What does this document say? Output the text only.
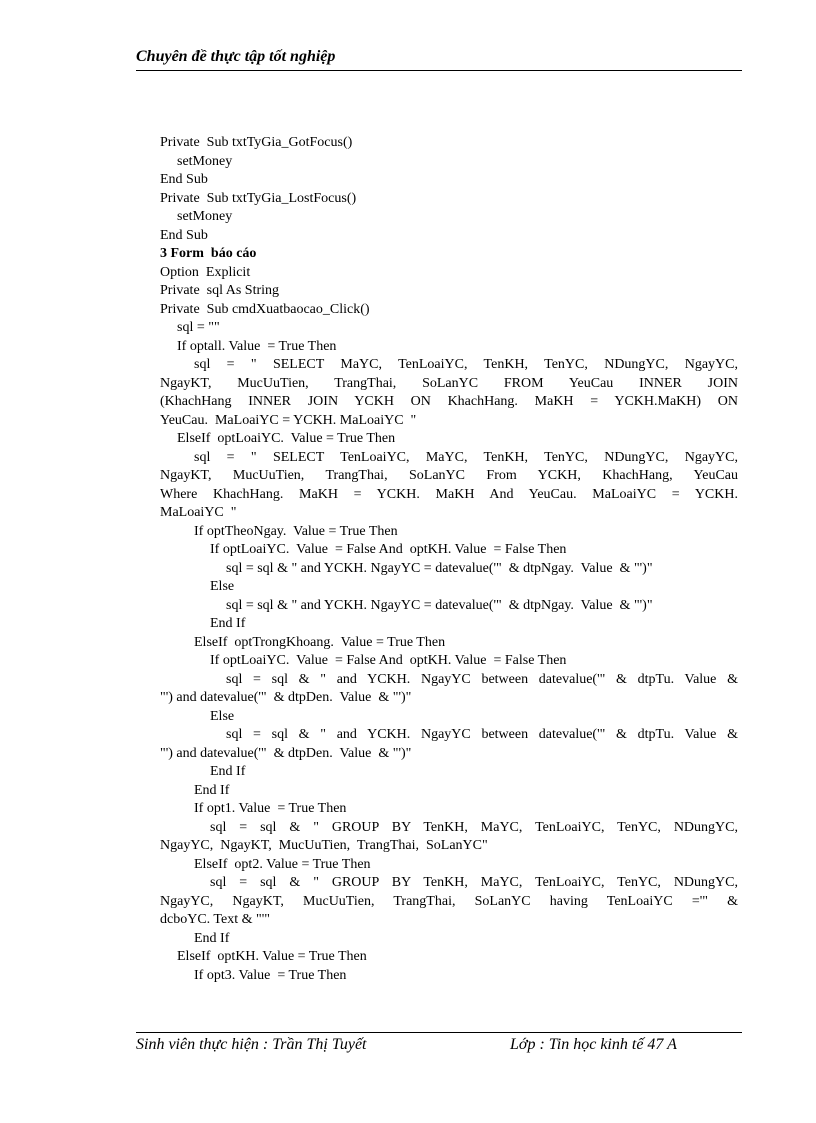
Chuyên đề thực tập tốt nghiệp
Private  Sub txtTyGia_GotFocus()
setMoney
End Sub
Private  Sub txtTyGia_LostFocus()
setMoney
End Sub
3 Form  báo cáo
Option  Explicit
Private  sql As String
Private  Sub cmdXuatbaocao_Click()
sql = ""
If optall. Value  = True Then
sql = " SELECT MaYC, TenLoaiYC, TenKH, TenYC, NDungYC, NgayYC,
NgayKT, MucUuTien, TrangThai, SoLanYC FROM YeuCau INNER JOIN
(KhachHang INNER JOIN YCKH ON KhachHang. MaKH = YCKH.MaKH) ON
YeuCau.  MaLoaiYC = YCKH. MaLoaiYC  "
ElseIf  optLoaiYC.  Value = True Then
sql = " SELECT TenLoaiYC, MaYC, TenKH, TenYC, NDungYC, NgayYC,
NgayKT, MucUuTien, TrangThai, SoLanYC From YCKH, KhachHang, YeuCau
Where KhachHang. MaKH = YCKH. MaKH And YeuCau. MaLoaiYC = YCKH.
MaLoaiYC  "
If optTheoNgay.  Value = True Then
If optLoaiYC.  Value  = False And  optKH. Value  = False Then
sql = sql & " and YCKH. NgayYC = datevalue('"  & dtpNgay.  Value  & "')"
Else
sql = sql & " and YCKH. NgayYC = datevalue('"  & dtpNgay.  Value  & "')"
End If
ElseIf  optTrongKhoang.  Value = True Then
If optLoaiYC.  Value  = False And  optKH. Value  = False Then
sql = sql & " and YCKH. NgayYC between datevalue('" & dtpTu. Value &
"') and datevalue('"  & dtpDen.  Value  & "')"
Else
sql = sql & " and YCKH. NgayYC between datevalue('" & dtpTu. Value &
"') and datevalue('"  & dtpDen.  Value  & "')"
End If
End If
If opt1. Value  = True Then
sql = sql & " GROUP BY TenKH, MaYC, TenLoaiYC, TenYC, NDungYC,
NgayYC,  NgayKT,  MucUuTien,  TrangThai,  SoLanYC"
ElseIf  opt2. Value = True Then
sql = sql & " GROUP BY TenKH, MaYC, TenLoaiYC, TenYC, NDungYC,
NgayYC, NgayKT, MucUuTien, TrangThai, SoLanYC having TenLoaiYC ='" &
dcboYC. Text & "'"
End If
ElseIf  optKH. Value = True Then
If opt3. Value  = True Then
Sinh viên thực hiện : Trần Thị Tuyết	Lớp : Tin học kinh tế 47 A
